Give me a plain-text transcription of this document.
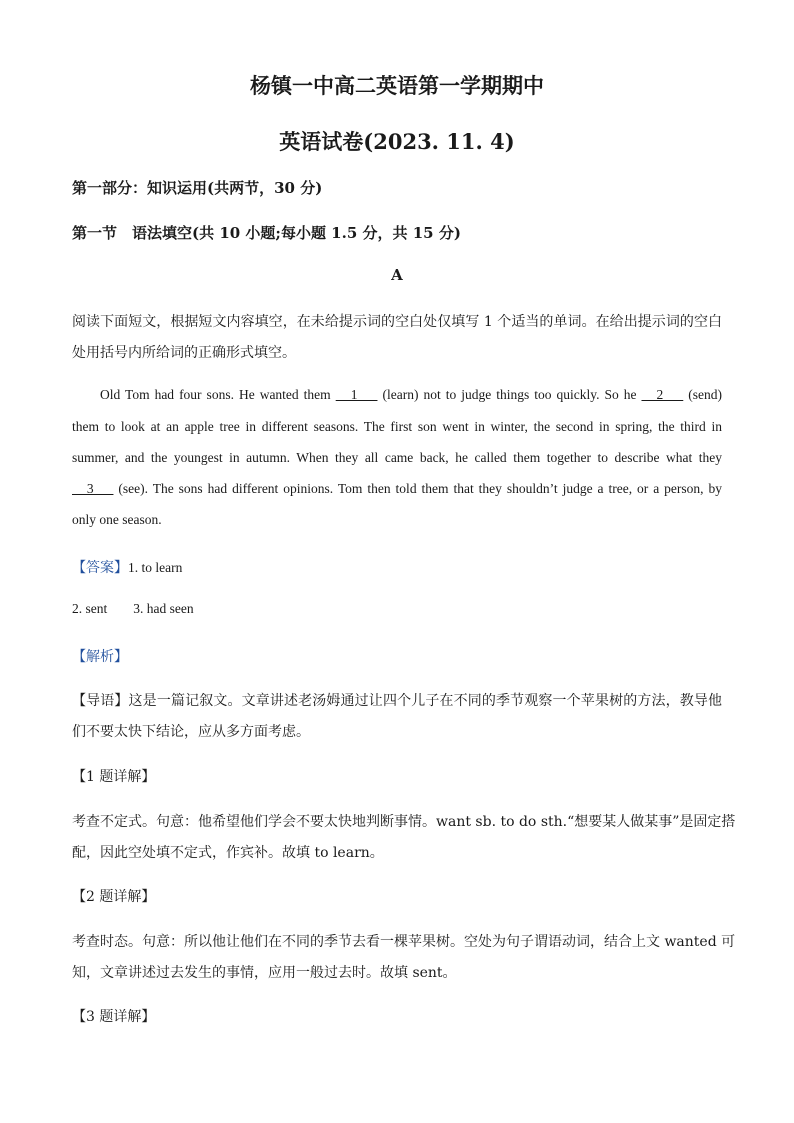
杨镇一中高二英语第一学期期中
英语试卷(2023. 11. 4)
第一部分：知识运用(共两节，30 分)
第一节　语法填空(共 10 小题;每小题 1.5 分，共 15 分)
A
阅读下面短文，根据短文内容填空，在未给提示词的空白处仅填写 1 个适当的单词。在给出提示词的空白
处用括号内所给词的正确形式填空。
Old Tom had four sons. He wanted them    1     (learn) not to judge things too quickly. So he    2     (send)
them to look at an apple tree in different seasons. The first son went in winter, the second in spring, the third in
summer, and the youngest in autumn. When they all came back, he called them together to describe what they
3     (see). The sons had different opinions. Tom then told them that they shouldn’t judge a tree, or a person, by
only one season.
【答案】1. to learn
2. sent 3. had seen
【解析】
【导语】这是一篇记叙文。文章讲述老汤姆通过让四个儿子在不同的季节观察一个苹果树的方法，教导他
们不要太快下结论，应从多方面考虑。
【1 题详解】
考查不定式。句意：他希望他们学会不要太快地判断事情。want sb. to do sth.“想要某人做某事”是固定搭
配，因此空处填不定式，作宾补。故填 to learn。
【2 题详解】
考查时态。句意：所以他让他们在不同的季节去看一棵苹果树。空处为句子谓语动词，结合上文 wanted 可
知，文章讲述过去发生的事情，应用一般过去时。故填 sent。
【3 题详解】
